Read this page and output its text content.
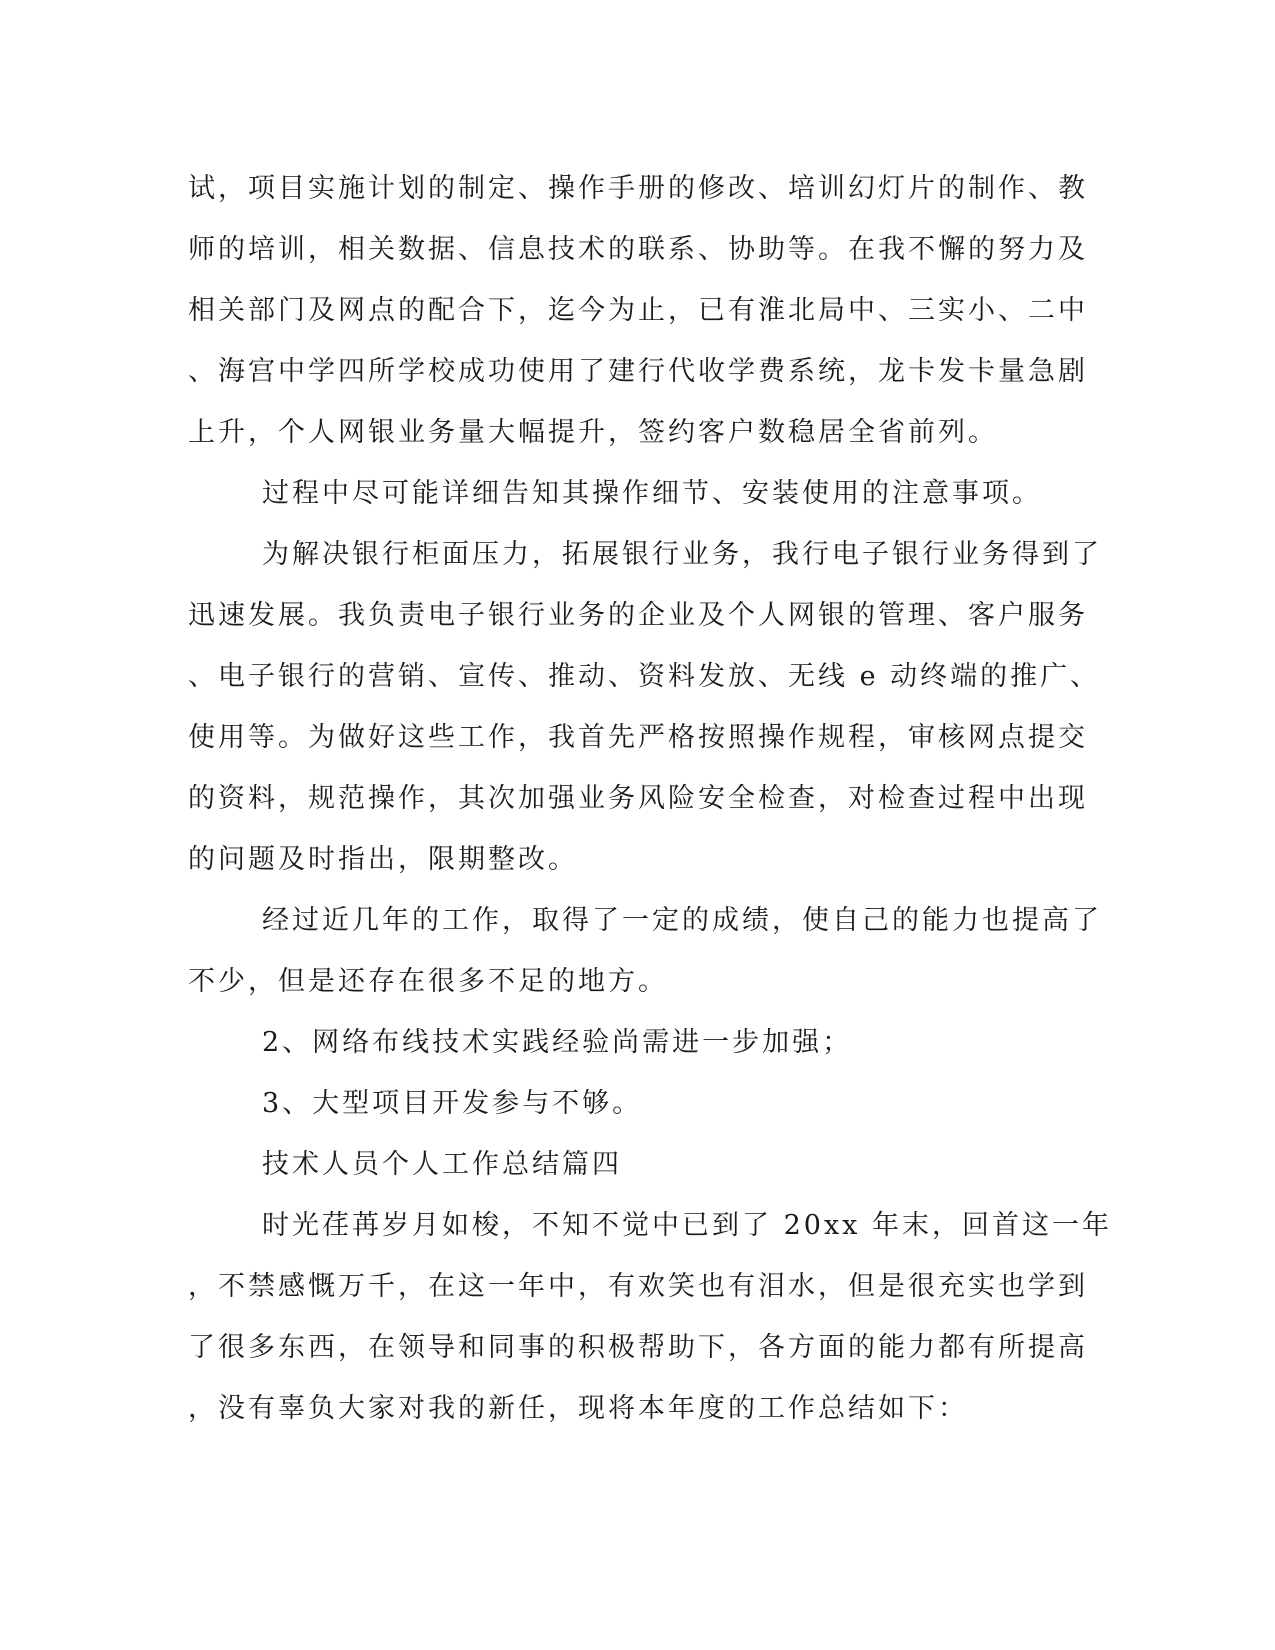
试，项目实施计划的制定、操作手册的修改、培训幻灯片的制作、教
师的培训，相关数据、信息技术的联系、协助等。在我不懈的努力及
相关部门及网点的配合下，迄今为止，已有淮北局中、三实小、二中
、海宫中学四所学校成功使用了建行代收学费系统，龙卡发卡量急剧
上升，个人网银业务量大幅提升，签约客户数稳居全省前列。
过程中尽可能详细告知其操作细节、安装使用的注意事项。
为解决银行柜面压力，拓展银行业务，我行电子银行业务得到了
迅速发展。我负责电子银行业务的企业及个人网银的管理、客户服务
、电子银行的营销、宣传、推动、资料发放、无线 e 动终端的推广、
使用等。为做好这些工作，我首先严格按照操作规程，审核网点提交
的资料，规范操作，其次加强业务风险安全检查，对检查过程中出现
的问题及时指出，限期整改。
经过近几年的工作，取得了一定的成绩，使自己的能力也提高了
不少，但是还存在很多不足的地方。
2、网络布线技术实践经验尚需进一步加强；
3、大型项目开发参与不够。
技术人员个人工作总结篇四
时光荏苒岁月如梭，不知不觉中已到了 20xx 年末，回首这一年
，不禁感慨万千，在这一年中，有欢笑也有泪水，但是很充实也学到
了很多东西，在领导和同事的积极帮助下，各方面的能力都有所提高
，没有辜负大家对我的新任，现将本年度的工作总结如下：
